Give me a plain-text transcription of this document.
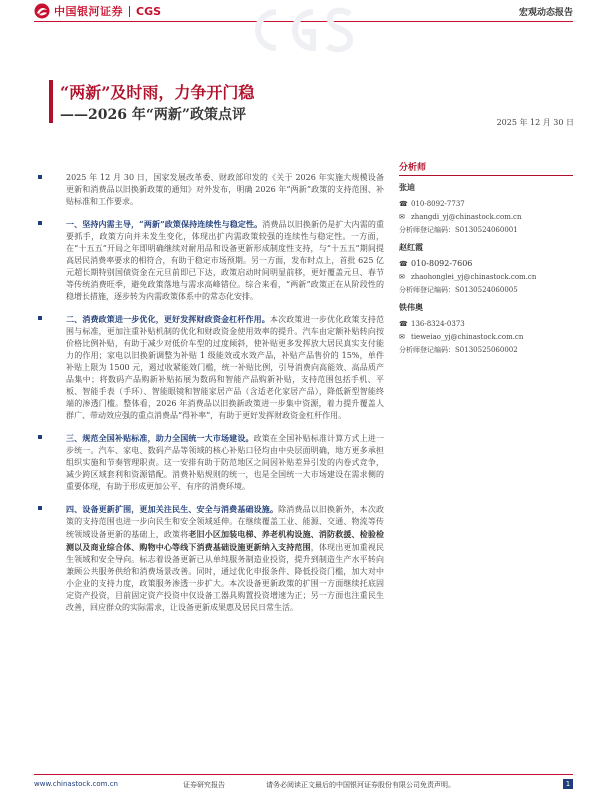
中国银河证券 CGS	宏观动态报告
“两新”及时雨，力争开门稳
——2026 年“两新”政策点评	2025 年 12 月 30 日

2025 年 12 月 30 日，国家发展改革委、财政部印发的《关于 2026 年实施大规模设备更新和消费品以旧换新政策的通知》对外发布，明确 2026 年“两新”政策的支持范围、补贴标准和工作要求。

一、坚持内需主导，“两新”政策保持连续性与稳定性。消费品以旧换新仍是扩大内需的重要抓手，政策方向并未发生变化，体现出扩内需政策较强的连续性与稳定性。一方面，在“十五五”开局之年即明确继续对耐用品和设备更新形成制度性支持，与“十五五”期间提高居民消费率要求的相符合，有助于稳定市场预期。另一方面，发布时点上，首批 625 亿元超长期特别国债资金在元旦前即已下达，政策启动时间明显前移，更好覆盖元旦、春节等传统消费旺季，避免政策落地与需求高峰错位。综合来看，“两新”政策正在从阶段性的稳增长措施，逐步转为内需政策体系中的常态化安排。

二、消费政策进一步优化，更好发挥财政资金杠杆作用。本次政策进一步优化政策支持范围与标准，更加注重补贴机制的优化和财政资金使用效率的提升。汽车由定额补贴转向按价格比例补贴，有助于减少对低价车型的过度倾斜，使补贴更多发挥放大居民真实支付能力的作用；家电以旧换新调整为补贴 1 级能效或水效产品，补贴产品售价的 15%，单件补贴上限为 1500 元，遏过收紧能效门槛，统一补贴比例，引导消费向高能效、高品质产品集中；将数码产品购新补贴拓展为数码和智能产品购新补贴，支持范围包括手机、平板、智能手表（手环）、智能眼镜和智能家居产品（含适老化家居产品），降低新型智能终端的渗透门槛。整体看，2026 年消费品以旧换新政策进一步集中资源，着力提升覆盖人群广、带动效应强的重点消费品“得补率”，有助于更好发挥财政资金杠杆作用。

三、规范全国补贴标准，助力全国统一大市场建设。政策在全国补贴标准计算方式上进一步统一。汽车、家电、数码产品等领域的核心补贴口径均由中央层面明确，地方更多承担组织实施和节奏管理职责。这一安排有助于防范地区之间因补贴差异引发的内卷式竞争，减少跨区域套利和资源错配。消费补贴规则的统一，也是全国统一大市场建设在需求侧的重要体现，有助于形成更加公平、有序的消费环境。

四、设备更新扩围，更加关注民生、安全与消费基础设施。除消费品以旧换新外，本次政策的支持范围也进一步向民生和安全领域延伸。在继续覆盖工业、能源、交通、物流等传统领域设备更新的基础上，政策将老旧小区加装电梯、养老机构设施、消防救援、检验检测以及商业综合体、购物中心等线下消费基础设施更新纳入支持范围，体现出更加重视民生领域和安全导向。标志着设备更新已从单纯服务制造业投资，提升到制造生产水平转向兼顾公共服务供给和消费场景改善。同时，通过优化申报条件、降低投资门槛，加大对中小企业的支持力度，政策服务渗透一步扩大。本次设备更新政策的扩围一方面继续托底固定资产投资，目前固定资产投资中仅设备工器具购置投资增速为正；另一方面也注重民生改善，回应群众的实际需求，让设备更新成果惠及居民日常生活。

分析师
张迪
☎ 010-8092-7737
✉ zhangdi_yj@chinastock.com.cn
分析师登记编码：S0130524060001
赵红霞
☎ 010-8092-7606
✉ zhaohonglei_yj@chinastock.com.cn
分析师登记编码：S0130524060005
铁伟奥
☎ 136-8324-0373
✉ tieweiao_yj@chinastock.com.cn
分析师登记编码：S0130525060002
www.chinastock.com.cn	证券研究报告	请务必阅读正文最后的中国银河证券股份有限公司免责声明。	1
